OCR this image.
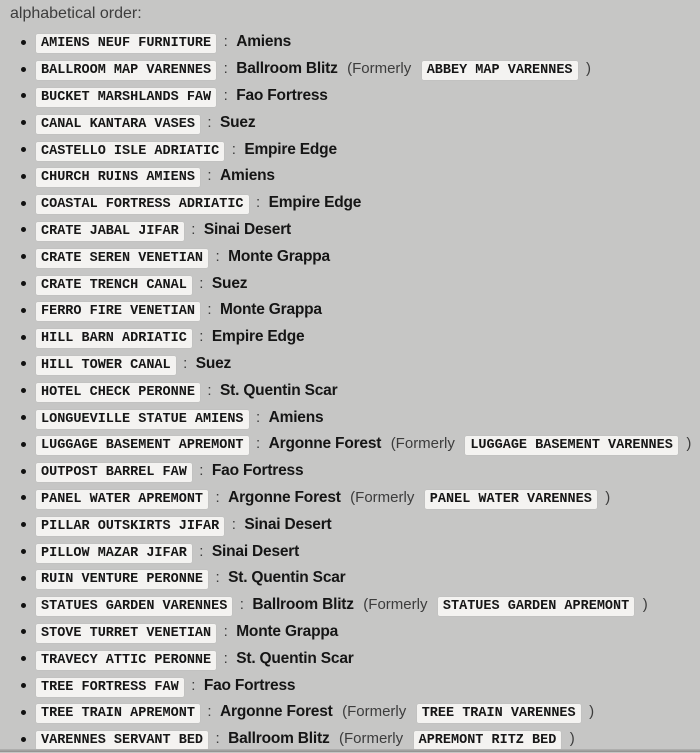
alphabetical order:
AMIENS NEUF FURNITURE : Amiens
BALLROOM MAP VARENNES : Ballroom Blitz (Formerly ABBEY MAP VARENNES )
BUCKET MARSHLANDS FAW : Fao Fortress
CANAL KANTARA VASES : Suez
CASTELLO ISLE ADRIATIC : Empire Edge
CHURCH RUINS AMIENS : Amiens
COASTAL FORTRESS ADRIATIC : Empire Edge
CRATE JABAL JIFAR : Sinai Desert
CRATE SEREN VENETIAN : Monte Grappa
CRATE TRENCH CANAL : Suez
FERRO FIRE VENETIAN : Monte Grappa
HILL BARN ADRIATIC : Empire Edge
HILL TOWER CANAL : Suez
HOTEL CHECK PERONNE : St. Quentin Scar
LONGUEVILLE STATUE AMIENS : Amiens
LUGGAGE BASEMENT APREMONT : Argonne Forest (Formerly LUGGAGE BASEMENT VARENNES )
OUTPOST BARREL FAW : Fao Fortress
PANEL WATER APREMONT : Argonne Forest (Formerly PANEL WATER VARENNES )
PILLAR OUTSKIRTS JIFAR : Sinai Desert
PILLOW MAZAR JIFAR : Sinai Desert
RUIN VENTURE PERONNE : St. Quentin Scar
STATUES GARDEN VARENNES : Ballroom Blitz (Formerly STATUES GARDEN APREMONT )
STOVE TURRET VENETIAN : Monte Grappa
TRAVECY ATTIC PERONNE : St. Quentin Scar
TREE FORTRESS FAW : Fao Fortress
TREE TRAIN APREMONT : Argonne Forest (Formerly TREE TRAIN VARENNES )
VARENNES SERVANT BED : Ballroom Blitz (Formerly APREMONT RITZ BED )
